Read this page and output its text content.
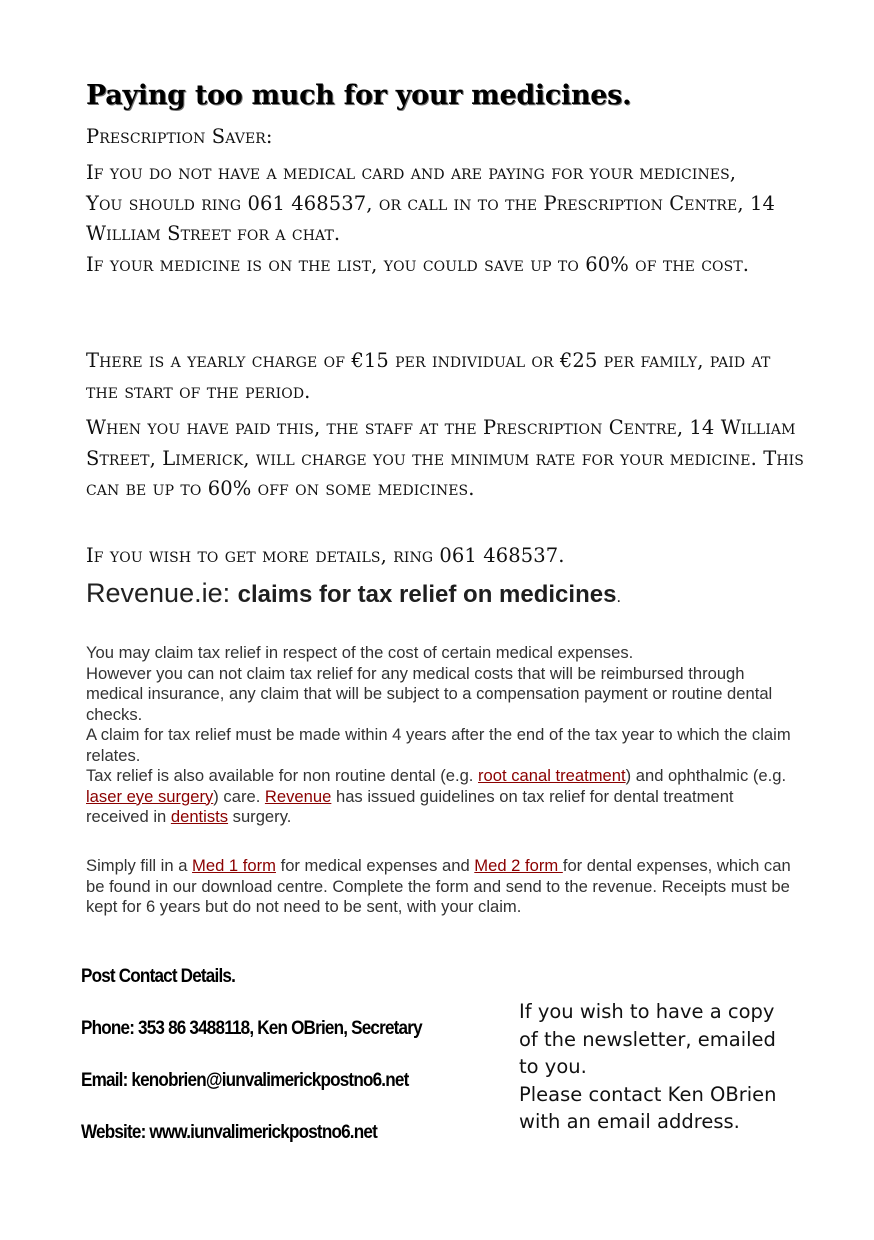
Paying too much for your medicines.

Prescription Saver:

If you do not have a medical card and are paying for your medicines,
You should ring 061 468537, or call in to the Prescription Centre, 14 William Street for a chat.
If your medicine is on the list, you could save up to 60% of the cost.

There is a yearly charge of €15 per individual or €25 per family, paid at the start of the period.

When you have paid this, the staff at the Prescription Centre, 14 William Street, Limerick, will charge you the minimum rate for your medicine. This can be up to 60% off on some medicines.

If you wish to get more details, ring 061 468537.

Revenue.ie: claims for tax relief on medicines.

You may claim tax relief in respect of the cost of certain medical expenses.
However you can not claim tax relief for any medical costs that will be reimbursed through medical insurance, any claim that will be subject to a compensation payment or routine dental checks.
A claim for tax relief must be made within 4 years after the end of the tax year to which the claim relates.
Tax relief is also available for non routine dental (e.g. root canal treatment) and ophthalmic (e.g. laser eye surgery) care. Revenue has issued guidelines on tax relief for dental treatment received in dentists surgery.

Simply fill in a Med 1 form for medical expenses and Med 2 form for dental expenses, which can be found in our download centre. Complete the form and send to the revenue. Receipts must be kept for 6 years but do not need to be sent, with your claim.

Post Contact Details.
Phone: 353 86 3488118, Ken OBrien, Secretary
Email: kenobrien@iunvalimerickpostno6.net
Website: www.iunvalimerickpostno6.net

If you wish to have a copy of the newsletter, emailed to you.
Please contact Ken OBrien with an email address.
